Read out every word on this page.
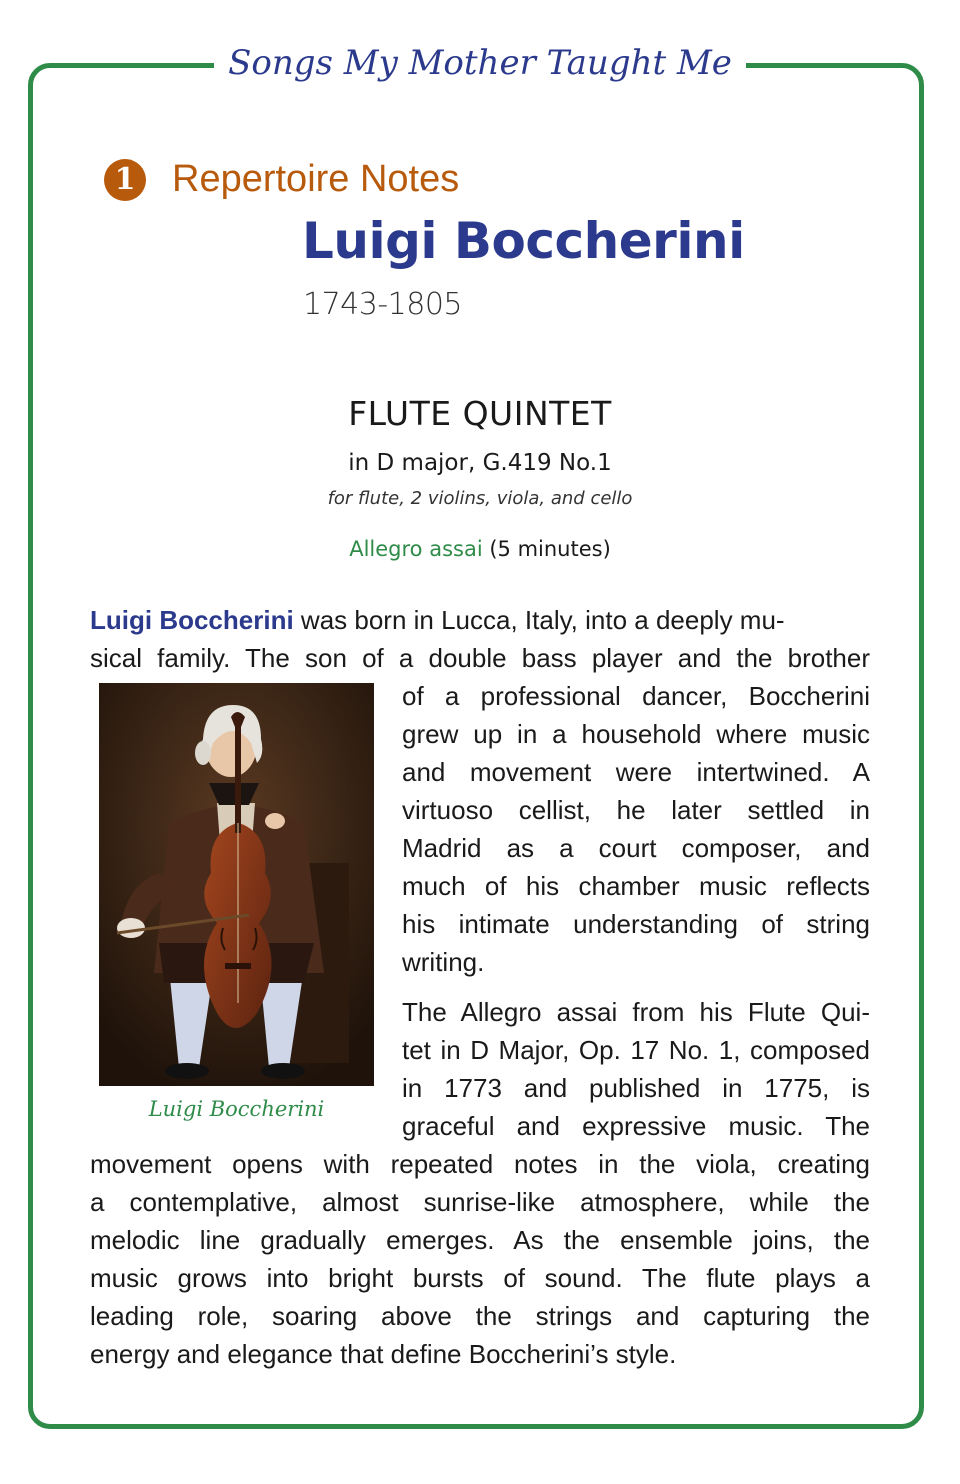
Songs My Mother Taught Me
1 Repertoire Notes
Luigi Boccherini
1743-1805
FLUTE QUINTET
in D major, G.419 No.1
for flute, 2 violins, viola, and cello
Allegro assai (5 minutes)
Luigi Boccherini was born in Lucca, Italy, into a deeply mu-
sical family. The son of a double bass player and the brother
of a professional dancer, Boccherini
grew up in a household where music
and movement were intertwined. A
virtuoso cellist, he later settled in
Madrid as a court composer, and
much of his chamber music reflects
his intimate understanding of string
writing.
The Allegro assai from his Flute Qui-
tet in D Major, Op. 17 No. 1, composed
in 1773 and published in 1775, is
graceful and expressive music. The
movement opens with repeated notes in the viola, creating
a contemplative, almost sunrise-like atmosphere, while the
melodic line gradually emerges. As the ensemble joins, the
music grows into bright bursts of sound. The flute plays a
leading role, soaring above the strings and capturing the
energy and elegance that define Boccherini’s style.
Luigi Boccherini
